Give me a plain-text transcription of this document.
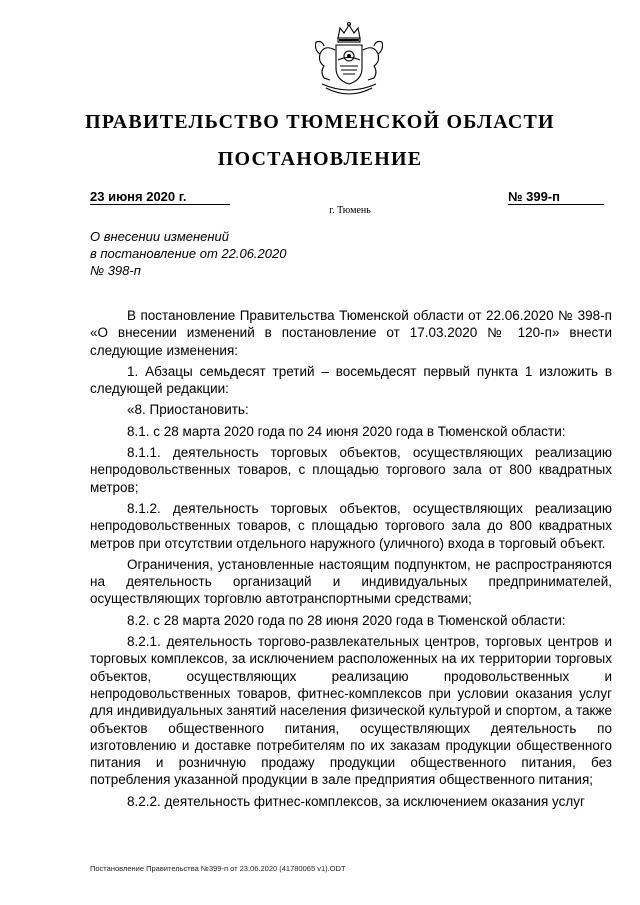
ПРАВИТЕЛЬСТВО ТЮМЕНСКОЙ ОБЛАСТИ
ПОСТАНОВЛЕНИЕ
23 июня 2020 г.	№ 399-п
г. Тюмень
О внесении изменений
в постановление от 22.06.2020
№ 398-п

В постановление Правительства Тюменской области от 22.06.2020 № 398-п «О внесении изменений в постановление от 17.03.2020 № 120-п» внести следующие изменения:

1. Абзацы семьдесят третий – восемьдесят первый пункта 1 изложить в следующей редакции:

«8. Приостановить:

8.1. с 28 марта 2020 года по 24 июня 2020 года в Тюменской области:

8.1.1. деятельность торговых объектов, осуществляющих реализацию непродовольственных товаров, с площадью торгового зала от 800 квадратных метров;

8.1.2. деятельность торговых объектов, осуществляющих реализацию непродовольственных товаров, с площадью торгового зала до 800 квадратных метров при отсутствии отдельного наружного (уличного) входа в торговый объект.

Ограничения, установленные настоящим подпунктом, не распространяются на деятельность организаций и индивидуальных предпринимателей, осуществляющих торговлю автотранспортными средствами;

8.2. с 28 марта 2020 года по 28 июня 2020 года в Тюменской области:

8.2.1. деятельность торгово-развлекательных центров, торговых центров и торговых комплексов, за исключением расположенных на их территории торговых объектов, осуществляющих реализацию продовольственных и непродовольственных товаров, фитнес-комплексов при условии оказания услуг для индивидуальных занятий населения физической культурой и спортом, а также объектов общественного питания, осуществляющих деятельность по изготовлению и доставке потребителям по их заказам продукции общественного питания и розничную продажу продукции общественного питания, без потребления указанной продукции в зале предприятия общественного питания;

8.2.2. деятельность фитнес-комплексов, за исключением оказания услуг

Постановление Правительства №399-п от 23.06.2020 (41780065 v1).ODT
